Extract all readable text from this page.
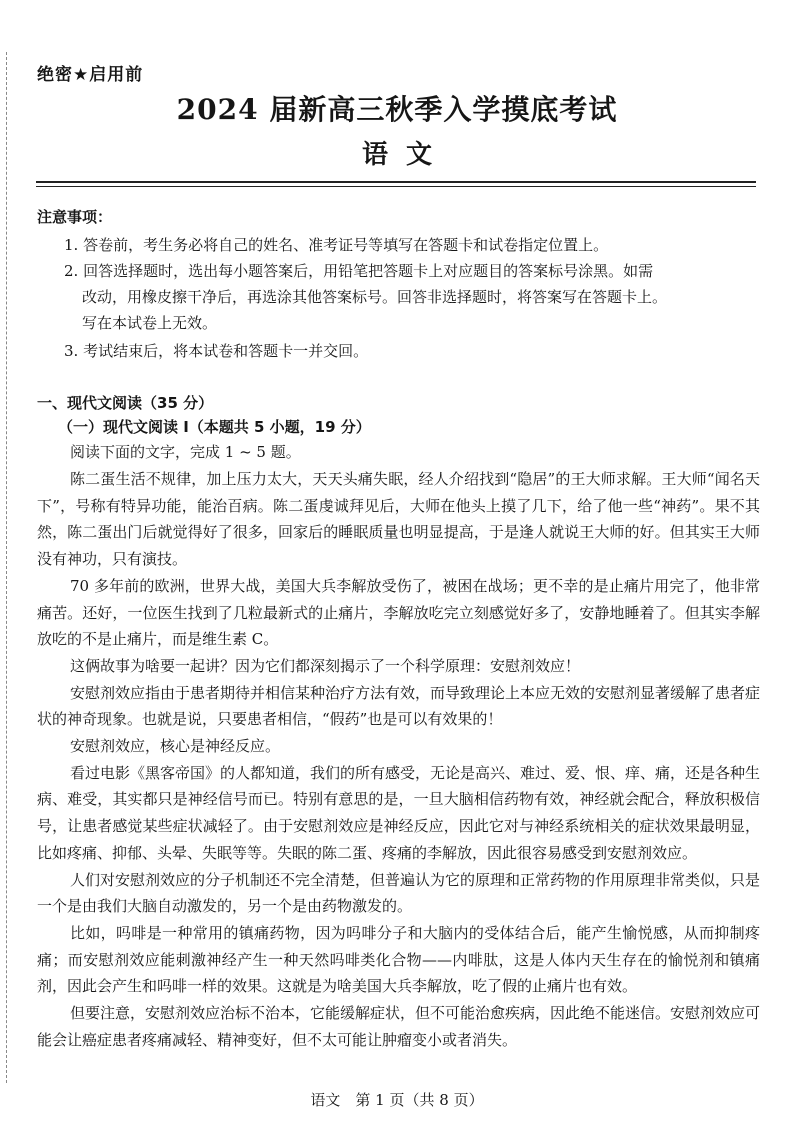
绝密★启用前
2024 届新高三秋季入学摸底考试
语文
注意事项：
1. 答卷前，考生务必将自己的姓名、准考证号等填写在答题卡和试卷指定位置上。
2. 回答选择题时，选出每小题答案后，用铅笔把答题卡上对应题目的答案标号涂黑。如需
改动，用橡皮擦干净后，再选涂其他答案标号。回答非选择题时，将答案写在答题卡上。
写在本试卷上无效。
3. 考试结束后，将本试卷和答题卡一并交回。
一、现代文阅读（35 分）
（一）现代文阅读 Ⅰ（本题共 5 小题，19 分）
阅读下面的文字，完成 1 ~ 5 题。

陈二蛋生活不规律，加上压力太大，天天头痛失眠，经人介绍找到“隐居”的王大师求解。王大师“闻名天下”，号称有特异功能，能治百病。陈二蛋虔诚拜见后，大师在他头上摸了几下，给了他一些“神药”。果不其然，陈二蛋出门后就觉得好了很多，回家后的睡眠质量也明显提高，于是逢人就说王大师的好。但其实王大师没有神功，只有演技。

70 多年前的欧洲，世界大战，美国大兵李解放受伤了，被困在战场；更不幸的是止痛片用完了，他非常痛苦。还好，一位医生找到了几粒最新式的止痛片，李解放吃完立刻感觉好多了，安静地睡着了。但其实李解放吃的不是止痛片，而是维生素 C。

这俩故事为啥要一起讲？因为它们都深刻揭示了一个科学原理：安慰剂效应！

安慰剂效应指由于患者期待并相信某种治疗方法有效，而导致理论上本应无效的安慰剂显著缓解了患者症状的神奇现象。也就是说，只要患者相信，“假药”也是可以有效果的！

安慰剂效应，核心是神经反应。

看过电影《黑客帝国》的人都知道，我们的所有感受，无论是高兴、难过、爱、恨、痒、痛，还是各种生病、难受，其实都只是神经信号而已。特别有意思的是，一旦大脑相信药物有效，神经就会配合，释放积极信号，让患者感觉某些症状减轻了。由于安慰剂效应是神经反应，因此它对与神经系统相关的症状效果最明显，比如疼痛、抑郁、头晕、失眠等等。失眠的陈二蛋、疼痛的李解放，因此很容易感受到安慰剂效应。

人们对安慰剂效应的分子机制还不完全清楚，但普遍认为它的原理和正常药物的作用原理非常类似，只是一个是由我们大脑自动激发的，另一个是由药物激发的。

比如，吗啡是一种常用的镇痛药物，因为吗啡分子和大脑内的受体结合后，能产生愉悦感，从而抑制疼痛；而安慰剂效应能刺激神经产生一种天然吗啡类化合物——内啡肽，这是人体内天生存在的愉悦剂和镇痛剂，因此会产生和吗啡一样的效果。这就是为啥美国大兵李解放，吃了假的止痛片也有效。

但要注意，安慰剂效应治标不治本，它能缓解症状，但不可能治愈疾病，因此绝不能迷信。安慰剂效应可能会让癌症患者疼痛减轻、精神变好，但不太可能让肿瘤变小或者消失。

语文　第 1 页（共 8 页）
